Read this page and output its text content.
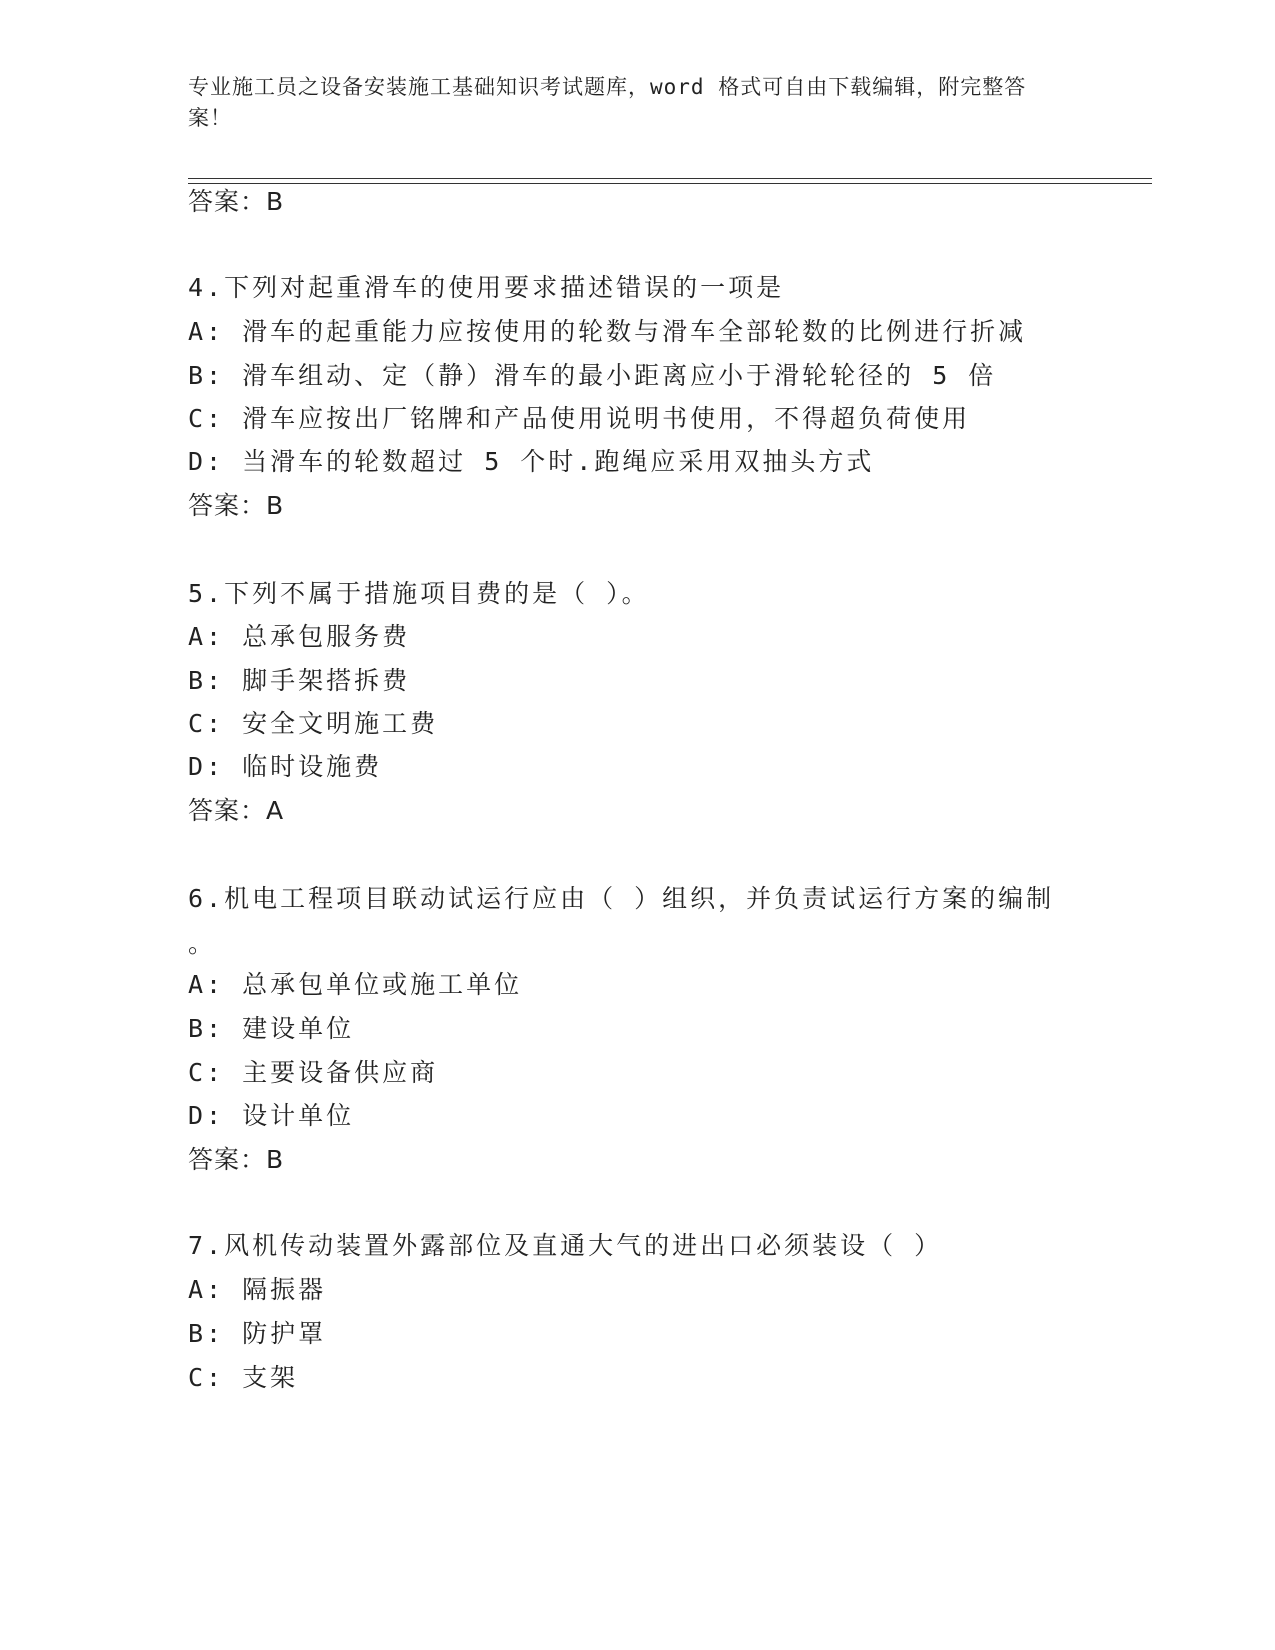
专业施工员之设备安装施工基础知识考试题库，word 格式可自由下载编辑，附完整答案！

答案：B

4.下列对起重滑车的使用要求描述错误的一项是

A: 滑车的起重能力应按使用的轮数与滑车全部轮数的比例进行折减

B: 滑车组动、定（静）滑车的最小距离应小于滑轮轮径的 5 倍

C: 滑车应按出厂铭牌和产品使用说明书使用，不得超负荷使用

D: 当滑车的轮数超过 5 个时.跑绳应采用双抽头方式

答案：B

5.下列不属于措施项目费的是（ ）。

A: 总承包服务费

B: 脚手架搭拆费

C: 安全文明施工费

D: 临时设施费

答案：A

6.机电工程项目联动试运行应由（ ）组织，并负责试运行方案的编制

。

A: 总承包单位或施工单位

B: 建设单位

C: 主要设备供应商

D: 设计单位

答案：B

7.风机传动装置外露部位及直通大气的进出口必须装设（ ）

A: 隔振器

B: 防护罩

C: 支架
